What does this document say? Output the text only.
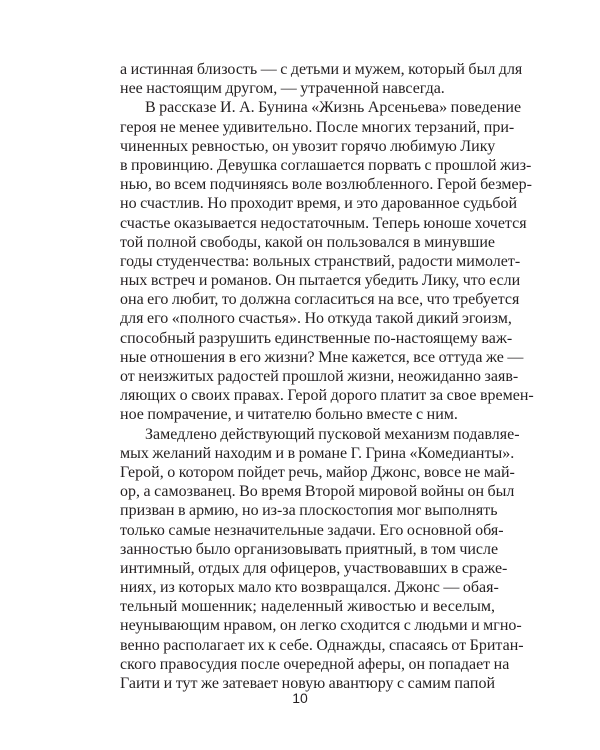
а истинная близость — с детьми и мужем, который был для
нее настоящим другом, — утраченной навсегда.
В рассказе И. А. Бунина «Жизнь Арсеньева» поведение
героя не менее удивительно. После многих терзаний, при-
чиненных ревностью, он увозит горячо любимую Лику
в провинцию. Девушка соглашается порвать с прошлой жиз-
нью, во всем подчиняясь воле возлюбленного. Герой безмер-
но счастлив. Но проходит время, и это дарованное судьбой
счастье оказывается недостаточным. Теперь юноше хочется
той полной свободы, какой он пользовался в минувшие
годы студенчества: вольных странствий, радости мимолет-
ных встреч и романов. Он пытается убедить Лику, что если
она его любит, то должна согласиться на все, что требуется
для его «полного счастья». Но откуда такой дикий эгоизм,
способный разрушить единственные по-настоящему важ-
ные отношения в его жизни? Мне кажется, все оттуда же —
от неизжитых радостей прошлой жизни, неожиданно заяв-
ляющих о своих правах. Герой дорого платит за свое времен-
ное помрачение, и читателю больно вместе с ним.
Замедлено действующий пусковой механизм подавляе-
мых желаний находим и в романе Г. Грина «Комедианты».
Герой, о котором пойдет речь, майор Джонс, вовсе не май-
ор, а самозванец. Во время Второй мировой войны он был
призван в армию, но из-за плоскостопия мог выполнять
только самые незначительные задачи. Его основной обя-
занностью было организовывать приятный, в том числе
интимный, отдых для офицеров, участвовавших в сраже-
ниях, из которых мало кто возвращался. Джонс — обая-
тельный мошенник; наделенный живостью и веселым,
неунывающим нравом, он легко сходится с людьми и мгно-
венно располагает их к себе. Однажды, спасаясь от Британ-
ского правосудия после очередной аферы, он попадает на
Гаити и тут же затевает новую авантюру с самим папой
10
